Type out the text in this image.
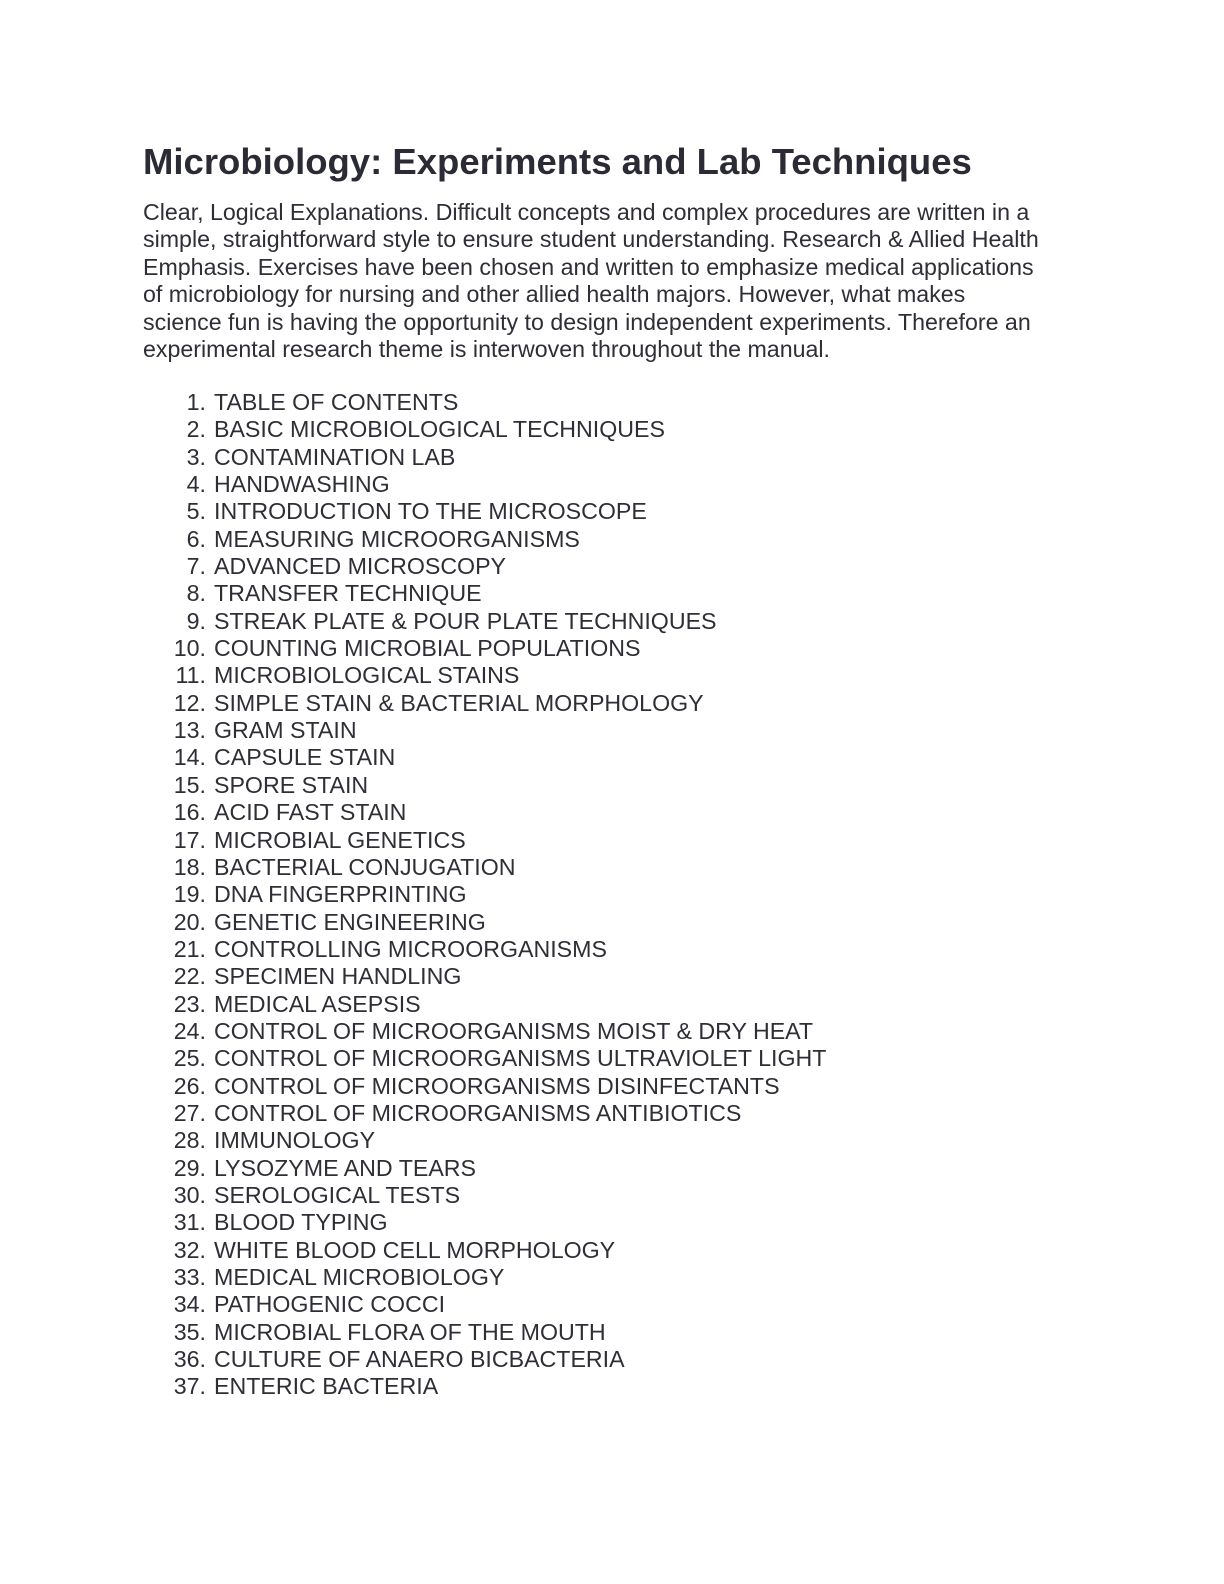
Microbiology: Experiments and Lab Techniques

Clear, Logical Explanations. Difficult concepts and complex procedures are written in a
simple, straightforward style to ensure student understanding. Research & Allied Health
Emphasis. Exercises have been chosen and written to emphasize medical applications
of microbiology for nursing and other allied health majors. However, what makes
science fun is having the opportunity to design independent experiments. Therefore an
experimental research theme is interwoven throughout the manual.

1. TABLE OF CONTENTS
2. BASIC MICROBIOLOGICAL TECHNIQUES
3. CONTAMINATION LAB
4. HANDWASHING
5. INTRODUCTION TO THE MICROSCOPE
6. MEASURING MICROORGANISMS
7. ADVANCED MICROSCOPY
8. TRANSFER TECHNIQUE
9. STREAK PLATE & POUR PLATE TECHNIQUES
10. COUNTING MICROBIAL POPULATIONS
11. MICROBIOLOGICAL STAINS
12. SIMPLE STAIN & BACTERIAL MORPHOLOGY
13. GRAM STAIN
14. CAPSULE STAIN
15. SPORE STAIN
16. ACID FAST STAIN
17. MICROBIAL GENETICS
18. BACTERIAL CONJUGATION
19. DNA FINGERPRINTING
20. GENETIC ENGINEERING
21. CONTROLLING MICROORGANISMS
22. SPECIMEN HANDLING
23. MEDICAL ASEPSIS
24. CONTROL OF MICROORGANISMS MOIST & DRY HEAT
25. CONTROL OF MICROORGANISMS ULTRAVIOLET LIGHT
26. CONTROL OF MICROORGANISMS DISINFECTANTS
27. CONTROL OF MICROORGANISMS ANTIBIOTICS
28. IMMUNOLOGY
29. LYSOZYME AND TEARS
30. SEROLOGICAL TESTS
31. BLOOD TYPING
32. WHITE BLOOD CELL MORPHOLOGY
33. MEDICAL MICROBIOLOGY
34. PATHOGENIC COCCI
35. MICROBIAL FLORA OF THE MOUTH
36. CULTURE OF ANAERO BICBACTERIA
37. ENTERIC BACTERIA
